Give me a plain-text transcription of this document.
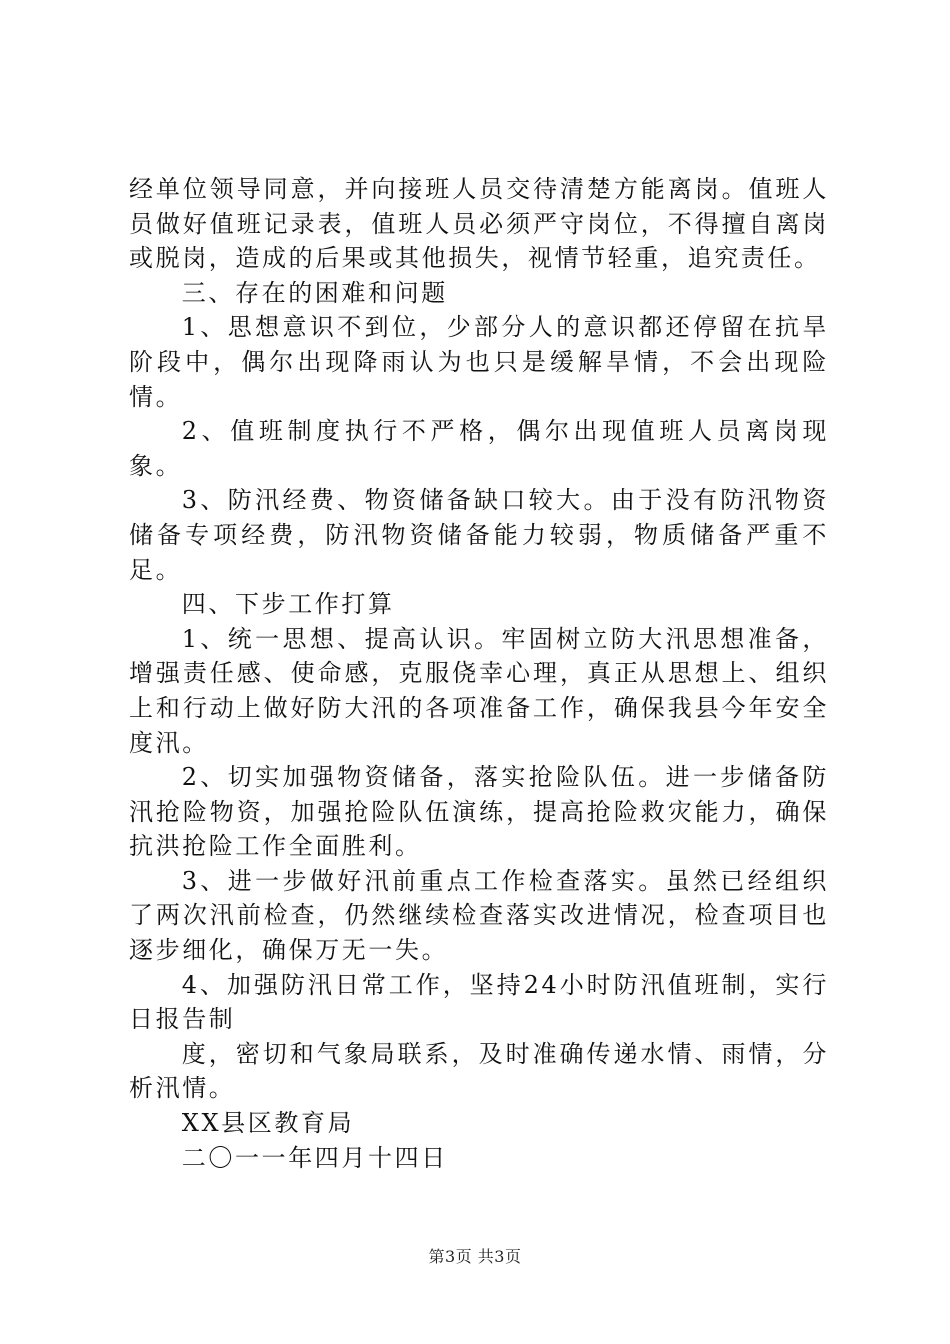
经单位领导同意，并向接班人员交待清楚方能离岗。值班人员做好值班记录表，值班人员必须严守岗位，不得擅自离岗或脱岗，造成的后果或其他损失，视情节轻重，追究责任。

三、存在的困难和问题

1、思想意识不到位，少部分人的意识都还停留在抗旱阶段中，偶尔出现降雨认为也只是缓解旱情，不会出现险情。

2、值班制度执行不严格，偶尔出现值班人员离岗现象。

3、防汛经费、物资储备缺口较大。由于没有防汛物资储备专项经费，防汛物资储备能力较弱，物质储备严重不足。

四、下步工作打算

1、统一思想、提高认识。牢固树立防大汛思想准备，增强责任感、使命感，克服侥幸心理，真正从思想上、组织上和行动上做好防大汛的各项准备工作，确保我县今年安全度汛。

2、切实加强物资储备，落实抢险队伍。进一步储备防汛抢险物资，加强抢险队伍演练，提高抢险救灾能力，确保抗洪抢险工作全面胜利。

3、进一步做好汛前重点工作检查落实。虽然已经组织了两次汛前检查，仍然继续检查落实改进情况，检查项目也逐步细化，确保万无一失。

4、加强防汛日常工作，坚持24小时防汛值班制，实行日报告制

度，密切和气象局联系，及时准确传递水情、雨情，分析汛情。

XX县区教育局

二〇一一年四月十四日

第3页 共3页
